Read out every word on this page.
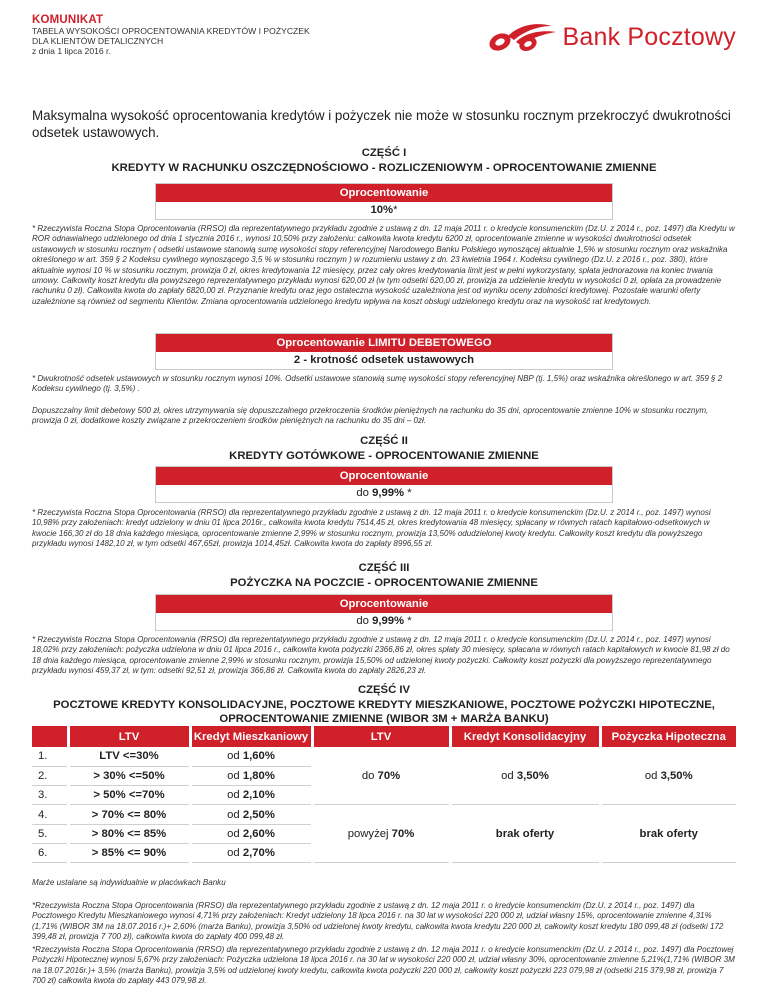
KOMUNIKAT
TABELA WYSOKOŚCI OPROCENTOWANIA KREDYTÓW I POŻYCZEK
DLA KLIENTÓW DETALICZNYCH
z dnia 1 lipca 2016 r.
Bank Pocztowy
Maksymalna wysokość oprocentowania kredytów i pożyczek nie może w stosunku rocznym przekroczyć dwukrotności odsetek ustawowych.
CZĘŚĆ I
KREDYTY W RACHUNKU OSZCZĘDNOŚCIOWO - ROZLICZENIOWYM - OPROCENTOWANIE ZMIENNE
Oprocentowanie
10%*
* Rzeczywista Roczna Stopa Oprocentowania (RRSO) dla reprezentatywnego przykładu zgodnie z ustawą z dn. 12 maja 2011 r. o kredycie konsumenckim (Dz.U. z 2014 r., poz. 1497) dla Kredytu w ROR odnawialnego udzielonego od dnia 1 stycznia 2016 r., wynosi 10,50% przy założeniu: całkowita kwota kredytu 6200 zł, oprocentowanie zmienne w wysokości dwukrotności odsetek ustawowych w stosunku rocznym ( odsetki ustawowe stanowią sumę wysokości stopy referencyjnej Narodowego Banku Polskiego wynoszącej aktualnie 1,5% w stosunku rocznym oraz wskaźnika określonego w art. 359 § 2 Kodeksu cywilnego wynoszącego 3,5 % w stosunku rocznym ) w rozumieniu ustawy z dn. 23 kwietnia 1964 r. Kodeksu cywilnego (Dz.U. z 2016 r., poz. 380), które aktualnie wynosi 10 % w stosunku rocznym, prowizja 0 zł, okres kredytowania 12 miesięcy, przez cały okres kredytowania limit jest w pełni wykorzystany, spłata jednorazowa na koniec trwania umowy. Całkowity koszt kredytu dla powyższego reprezentatywnego przykładu wynosi 620,00 zł (w tym odsetki 620,00 zł, prowizja za udzielenie kredytu w wysokości 0 zł, opłata za prowadzenie rachunku 0 zł). Całkowita kwota do zapłaty 6820,00 zł. Przyznanie kredytu oraz jego ostateczna wysokość uzależniona jest od wyniku oceny zdolności kredytowej. Pozostałe warunki oferty uzależnione są również od segmentu Klientów. Zmiana oprocentowania udzielonego kredytu wpływa na koszt obsługi udzielonego kredytu oraz na wysokość rat kredytowych.
Oprocentowanie LIMITU DEBETOWEGO
2 - krotność odsetek ustawowych
* Dwukrotność odsetek ustawowych w stosunku rocznym wynosi 10%. Odsetki ustawowe stanowią sumę wysokości stopy referencyjnej NBP (tj. 1,5%) oraz wskaźnika określonego w art. 359 § 2 Kodeksu cywilnego (tj. 3,5%) .
Dopuszczalny limit debetowy 500 zł, okres utrzymywania się dopuszczalnego przekroczenia środków pieniężnych na rachunku do 35 dni, oprocentowanie zmienne 10% w stosunku rocznym, prowizja 0 zł, dodatkowe koszty związane z przekroczeniem środków pieniężnych na rachunku do 35 dni – 0zł.
CZĘŚĆ II
KREDYTY GOTÓWKOWE - OPROCENTOWANIE ZMIENNE
Oprocentowanie
do 9,99% *
* Rzeczywista Roczna Stopa Oprocentowania (RRSO) dla reprezentatywnego przykładu zgodnie z ustawą z dn. 12 maja 2011 r. o kredycie konsumenckim (Dz.U. z 2014 r., poz. 1497) wynosi 10,98% przy założeniach: kredyt udzielony w dniu 01 lipca 2016r., całkowita kwota kredytu 7514,45 zł, okres kredytowania 48 miesięcy, spłacany w równych ratach kapitałowo-odsetkowych w kwocie 166,30 zł do 18 dnia każdego miesiąca, oprocentowanie zmienne 2,99% w stosunku rocznym, prowizja 13,50% odudzielonej kwoty kredytu. Całkowity koszt kredytu dla powyższego przykładu wynosi 1482,10 zł, w tym odsetki 467,65zł, prowizja 1014,45zł. Całkowita kwota do zapłaty 8996,55 zł.
CZĘŚĆ III
POŻYCZKA NA POCZCIE - OPROCENTOWANIE ZMIENNE
Oprocentowanie
do 9,99% *
* Rzeczywista Roczna Stopa Oprocentowania (RRSO) dla reprezentatywnego przykładu zgodnie z ustawą z dn. 12 maja 2011 r. o kredycie konsumenckim (Dz.U. z 2014 r., poz. 1497) wynosi 18,02% przy założeniach: pożyczka udzielona w dniu 01 lipca 2016 r., całkowita kwota pożyczki 2366,86 zł, okres spłaty 30 miesięcy, spłacana w równych ratach kapitałowych w kwocie 81,98 zł do 18 dnia każdego miesiąca, oprocentowanie zmienne 2,99% w stosunku rocznym, prowizja 15,50% od udzielonej kwoty pożyczki. Całkowity koszt pożyczki dla powyższego reprezentatywnego przykładu wynosi 459,37 zł, w tym: odsetki 92,51 zł, prowizja 366,86 zł. Całkowita kwota do zapłaty 2826,23 zł.
CZĘŚĆ IV
POCZTOWE KREDYTY KONSOLIDACYJNE, POCZTOWE KREDYTY MIESZKANIOWE, POCZTOWE POŻYCZKI HIPOTECZNE,
OPROCENTOWANIE ZMIENNE (WIBOR 3M + MARŻA BANKU)
	LTV	Kredyt Mieszkaniowy	LTV	Kredyt Konsolidacyjny	Pożyczka Hipoteczna
1.	LTV <=30%	od 1,60%	do 70%	od 3,50%	od 3,50%
2.	> 30% <=50%	od 1,80%			
3.	> 50% <=70%	od 2,10%			
4.	> 70% <= 80%	od 2,50%	powyżej 70%	brak oferty	brak oferty
5.	> 80% <= 85%	od 2,60%			
6.	> 85% <= 90%	od 2,70%			
Marże ustalane są indywidualnie w placówkach Banku
*Rzeczywista Roczna Stopa Oprocentowania (RRSO) dla reprezentatywnego przykładu zgodnie z ustawą z dn. 12 maja 2011 r. o kredycie konsumenckim (Dz.U. z 2014 r., poz. 1497) dla Pocztowego Kredytu Mieszkaniowego wynosi 4,71% przy założeniach: Kredyt udzielony 18 lipca 2016 r. na 30 lat w wysokości 220 000 zł, udział własny 15%, oprocentowanie zmienne 4,31% (1,71% (WIBOR 3M na 18.07.2016 r.)+ 2,60% (marża Banku), prowizja 3,50% od udzielonej kwoty kredytu, całkowita kwota kredytu 220 000 zł, całkowity koszt kredytu 180 099,48 zł (odsetki 172 399,48 zł, prowizja 7 700 zł), całkowita kwota do zapłaty 400 099,48 zł.
*Rzeczywista Roczna Stopa Oprocentowania (RRSO) dla reprezentatywnego przykładu zgodnie z ustawą z dn. 12 maja 2011 r. o kredycie konsumenckim (Dz.U. z 2014 r., poz. 1497) dla Pocztowej Pożyczki Hipotecznej wynosi 5,67% przy założeniach: Pożyczka udzielona 18 lipca 2016 r. na 30 lat w wysokości 220 000 zł, udział własny 30%, oprocentowanie zmienne 5,21%(1,71% (WIBOR 3M na 18.07.2016r.)+ 3,5% (marża Banku), prowizja 3,5% od udzielonej kwoty kredytu, całkowita kwota pożyczki 220 000 zł, całkowity koszt pożyczki 223 079,98 zł (odsetki 215 379,98 zł, prowizja 7 700 zł) całkowita kwota do zapłaty 443 079,98 zł.
